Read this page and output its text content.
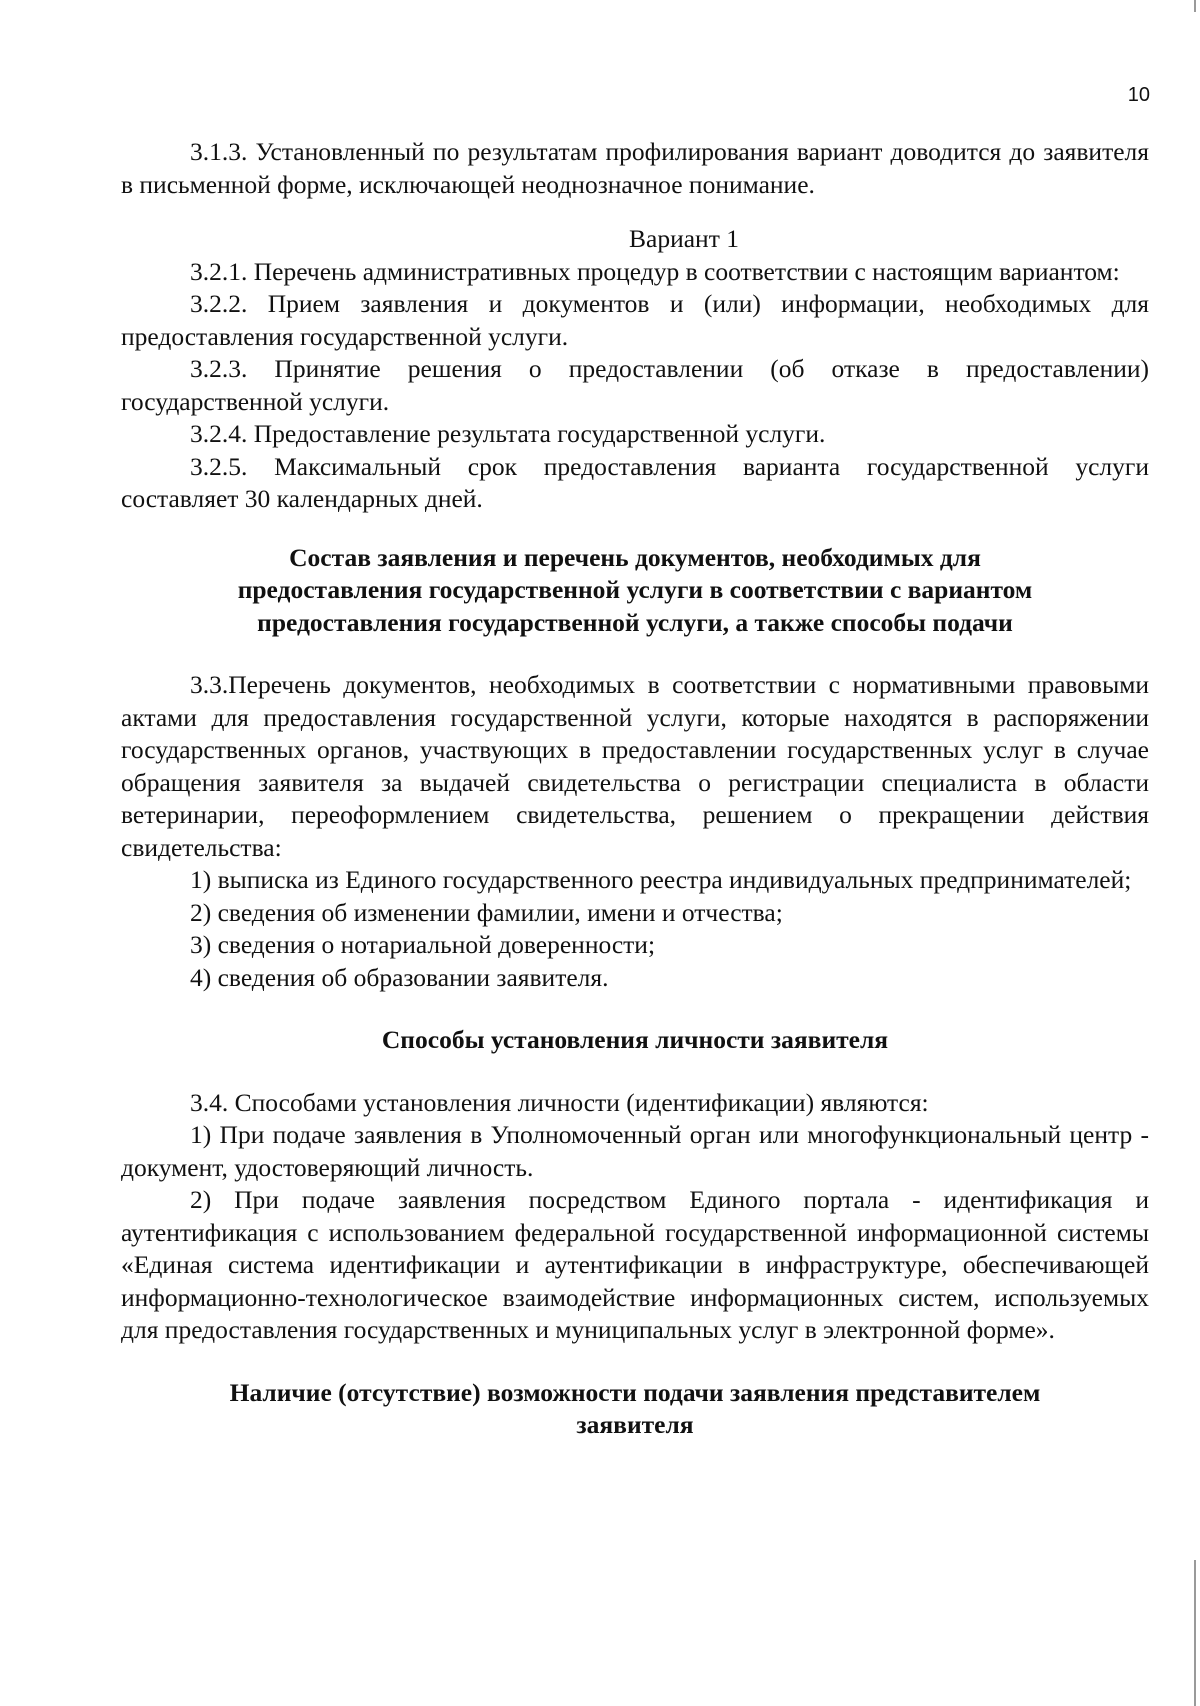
10

3.1.3. Установленный по результатам профилирования вариант доводится до заявителя в письменной форме, исключающей неоднозначное понимание.

Вариант 1

3.2.1. Перечень административных процедур в соответствии с настоящим вариантом:

3.2.2. Прием заявления и документов и (или) информации, необходимых для предоставления государственной услуги.

3.2.3. Принятие решения о предоставлении (об отказе в предоставлении) государственной услуги.

3.2.4. Предоставление результата государственной услуги.

3.2.5. Максимальный срок предоставления варианта государственной услуги составляет 30 календарных дней.

Состав заявления и перечень документов, необходимых для

предоставления государственной услуги в соответствии с вариантом

предоставления государственной услуги, а также способы подачи

3.3.Перечень документов, необходимых в соответствии с нормативными правовыми актами для предоставления государственной услуги, которые находятся в распоряжении государственных органов, участвующих в предоставлении государственных услуг в случае обращения заявителя за выдачей свидетельства о регистрации специалиста в области ветеринарии, переоформлением свидетельства, решением о прекращении действия свидетельства:

1) выписка из Единого государственного реестра индивидуальных предпринимателей;

2) сведения об изменении фамилии, имени и отчества;

3) сведения о нотариальной доверенности;

4) сведения об образовании заявителя.

Способы установления личности заявителя

3.4. Способами установления личности (идентификации) являются:

1) При подаче заявления в Уполномоченный орган или многофункциональный центр - документ, удостоверяющий личность.

2) При подаче заявления посредством Единого портала - идентификация и аутентификация с использованием федеральной государственной информационной системы «Единая система идентификации и аутентификации в инфраструктуре, обеспечивающей информационно-технологическое взаимодействие информационных систем, используемых для предоставления государственных и муниципальных услуг в электронной форме».

Наличие (отсутствие) возможности подачи заявления представителем

заявителя
